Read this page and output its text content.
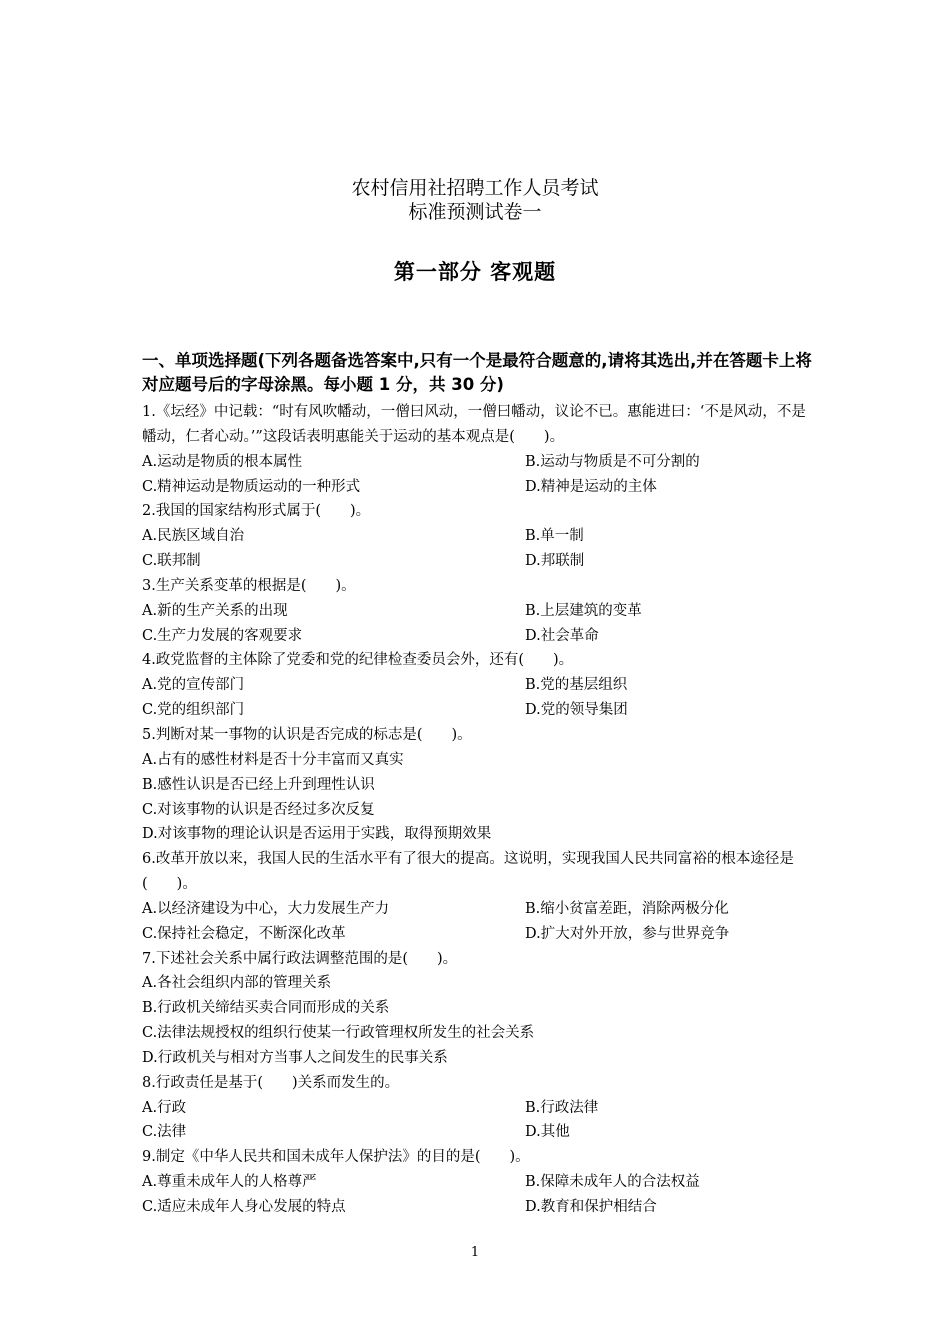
农村信用社招聘工作人员考试
标准预测试卷一
第一部分 客观题
一、单项选择题(下列各题备选答案中,只有一个是最符合题意的,请将其选出,并在答题卡上将对应题号后的字母涂黑。每小题 1 分，共 30 分)
1.《坛经》中记载：“时有风吹幡动，一僧曰风动，一僧曰幡动，议论不已。惠能进曰：‘不是风动，不是幡动，仁者心动。’”这段话表明惠能关于运动的基本观点是(　　)。
A.运动是物质的根本属性	B.运动与物质是不可分割的
C.精神运动是物质运动的一种形式	D.精神是运动的主体
2.我国的国家结构形式属于(　　)。
A.民族区域自治	B.单一制
C.联邦制	D.邦联制
3.生产关系变革的根据是(　　)。
A.新的生产关系的出现	B.上层建筑的变革
C.生产力发展的客观要求	D.社会革命
4.政党监督的主体除了党委和党的纪律检查委员会外，还有(　　)。
A.党的宣传部门	B.党的基层组织
C.党的组织部门	D.党的领导集团
5.判断对某一事物的认识是否完成的标志是(　　)。
A.占有的感性材料是否十分丰富而又真实
B.感性认识是否已经上升到理性认识
C.对该事物的认识是否经过多次反复
D.对该事物的理论认识是否运用于实践，取得预期效果
6.改革开放以来，我国人民的生活水平有了很大的提高。这说明，实现我国人民共同富裕的根本途径是(　　)。
A.以经济建设为中心，大力发展生产力	B.缩小贫富差距，消除两极分化
C.保持社会稳定，不断深化改革	D.扩大对外开放，参与世界竞争
7.下述社会关系中属行政法调整范围的是(　　)。
A.各社会组织内部的管理关系
B.行政机关缔结买卖合同而形成的关系
C.法律法规授权的组织行使某一行政管理权所发生的社会关系
D.行政机关与相对方当事人之间发生的民事关系
8.行政责任是基于(　　)关系而发生的。
A.行政	B.行政法律
C.法律	D.其他
9.制定《中华人民共和国未成年人保护法》的目的是(　　)。
A.尊重未成年人的人格尊严	B.保障未成年人的合法权益
C.适应未成年人身心发展的特点	D.教育和保护相结合
1
